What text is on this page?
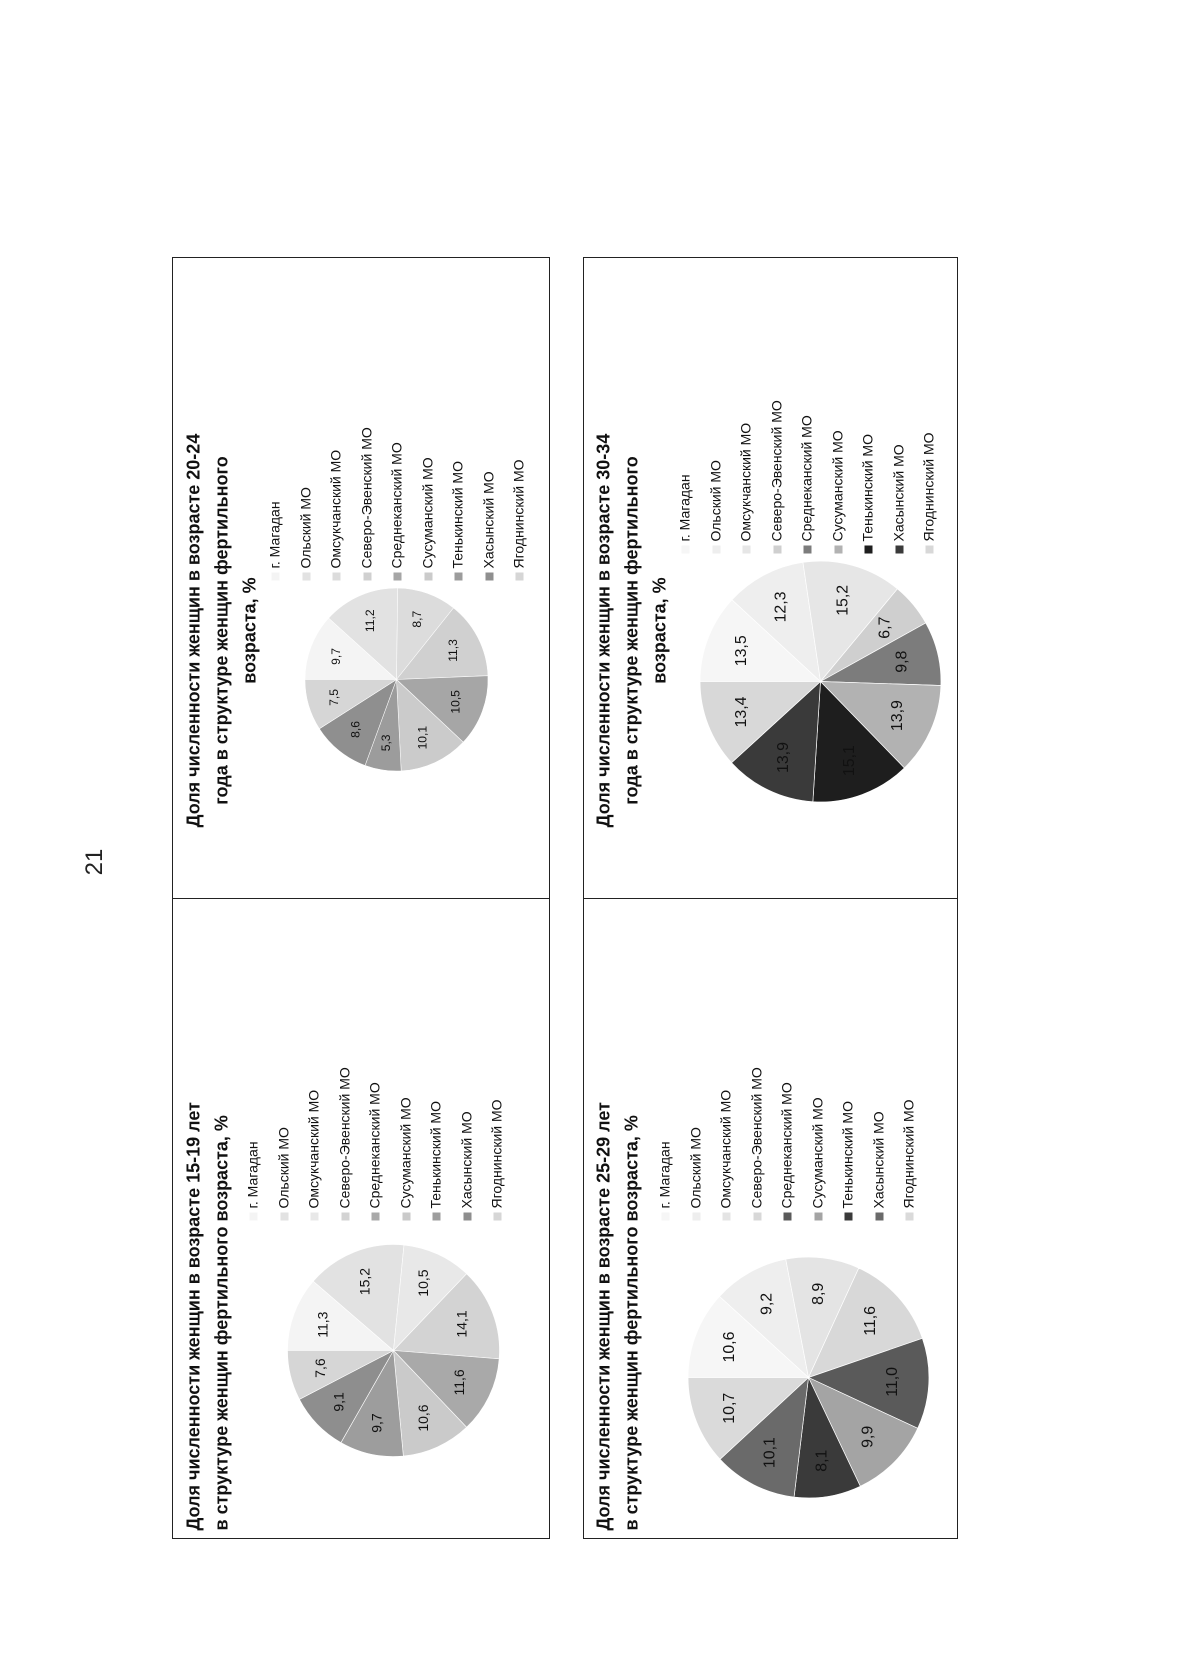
21
Доля численности женщин в возрасте 15-19 лет в структуре женщин фертильного возраста, %	11,3
15,2	10,5
14,1
11,6
10,6
9,7
9,1
7,6
г. Магадан	Ольский МО	Омсукчанский МО	Северо-Эвенский МО	Среднеканский МО	Сусуманский МО	Тенькинский МО	Хасынский МО	Ягоднинский МО
Доля численности женщин в возрасте 20-24 года в структуре женщин фертильного возраста, %	9,7
11,2 8,7
11,3
10,5
10,1
5,3
8,6
7,5
г. Магадан	Ольский МО	Омсукчанский МО	Северо-Эвенский МО	Среднеканский МО	Сусуманский МО	Тенькинский МО	Хасынский МО	Ягоднинский МО
Доля численности женщин в возрасте 25-29 лет в структуре женщин фертильного возраста, %	10,6
9,2 8,9
11,6
11,0
9,9
8,1
10,1
10,7
г. Магадан	Ольский МО	Омсукчанский МО	Северо-Эвенский МО	Среднеканский МО	Сусуманский МО	Тенькинский МО	Хасынский МО	Ягоднинский МО
Доля численности женщин в возрасте 30-34 года в структуре женщин фертильного возраста, %	13,5
12,3	15,2
6,7
9,8
13,9
15,1
13,9
13,4
г. Магадан	Ольский МО	Омсукчанский МО	Северо-Эвенский МО	Среднеканский МО	Сусуманский МО	Тенькинский МО	Хасынский МО	Ягоднинский МО
